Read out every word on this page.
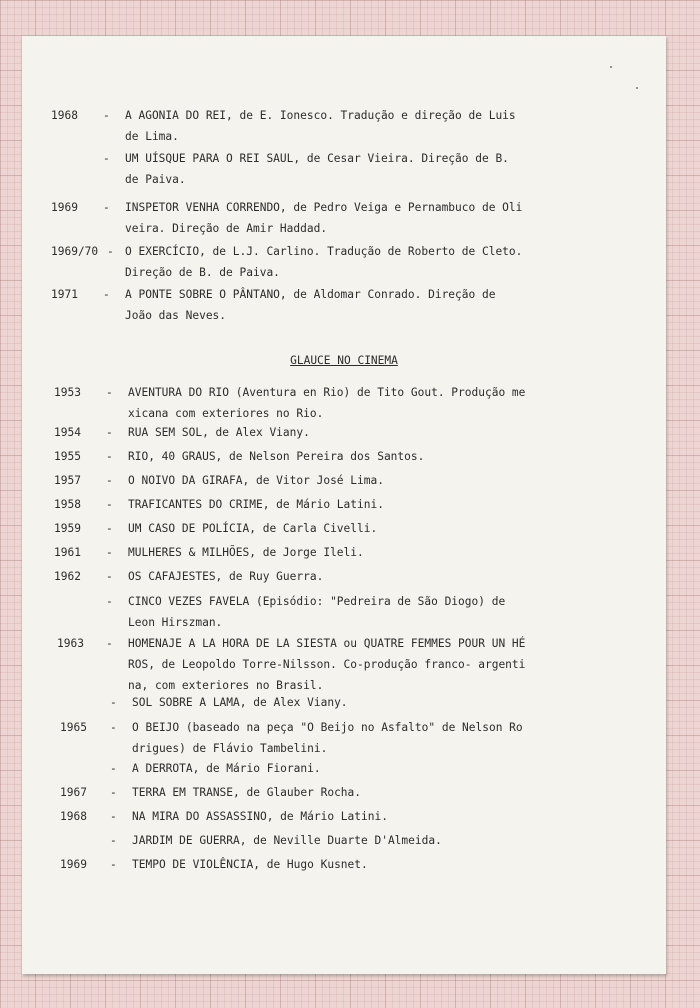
1968 - A AGONIA DO REI, de E. Ionesco. Tradução e direção de Luis
de Lima.
- UM UÍSQUE PARA O REI SAUL, de Cesar Vieira. Direção de B.
de Paiva.
1969 - INSPETOR VENHA CORRENDO, de Pedro Veiga e Pernambuco de Oli
veira. Direção de Amir Haddad.
1969/70 - O EXERCÍCIO, de L.J. Carlino. Tradução de Roberto de Cleto.
Direção de B. de Paiva.
1971 - A PONTE SOBRE O PÂNTANO, de Aldomar Conrado. Direção de
João das Neves.
GLAUCE NO CINEMA
1953 - AVENTURA DO RIO (Aventura en Rio) de Tito Gout. Produção me
xicana com exteriores no Rio.
1954 - RUA SEM SOL, de Alex Viany.
1955 - RIO, 40 GRAUS, de Nelson Pereira dos Santos.
1957 - O NOIVO DA GIRAFA, de Vitor José Lima.
1958 - TRAFICANTES DO CRIME, de Mário Latini.
1959 - UM CASO DE POLÍCIA, de Carla Civelli.
1961 - MULHERES & MILHÕES, de Jorge Ileli.
1962 - OS CAFAJESTES, de Ruy Guerra.
- CINCO VEZES FAVELA (Episódio: "Pedreira de São Diogo) de
Leon Hirszman.
1963 - HOMENAJE A LA HORA DE LA SIESTA ou QUATRE FEMMES POUR UN HÉ
ROS, de Leopoldo Torre-Nilsson. Co-produção franco- argenti
na, com exteriores no Brasil.
- SOL SOBRE A LAMA, de Alex Viany.
1965 - O BEIJO (baseado na peça "O Beijo no Asfalto" de Nelson Ro
drigues) de Flávio Tambelini.
- A DERROTA, de Mário Fiorani.
1967 - TERRA EM TRANSE, de Glauber Rocha.
1968 - NA MIRA DO ASSASSINO, de Mário Latini.
- JARDIM DE GUERRA, de Neville Duarte D'Almeida.
1969 - TEMPO DE VIOLÊNCIA, de Hugo Kusnet.
